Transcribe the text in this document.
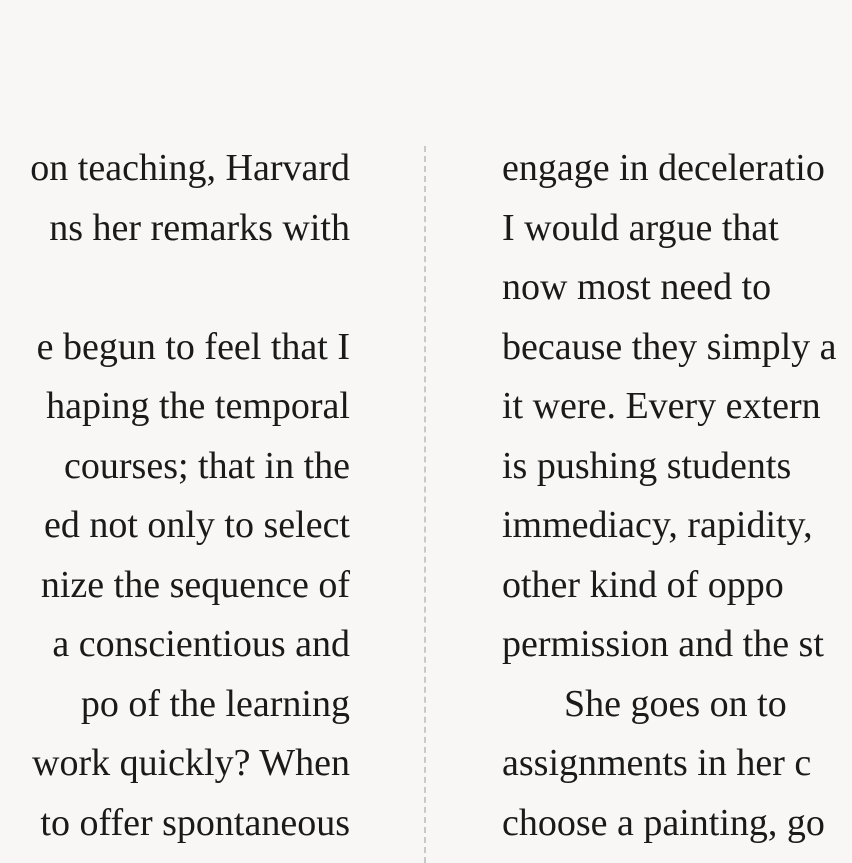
on teaching, Harvard
ns her remarks with
e begun to feel that I
haping the temporal
courses; that in the
ed not only to select
nize the sequence of
a conscientious and
po of the learning
work quickly? When
to offer spontaneous
engage in deceleratio
I would argue that
now most need to
because they simply a
it were. Every extern
is pushing students
immediacy, rapidity,
other kind of oppo
permission and the st
She goes on to
assignments in her c
choose a painting, go
